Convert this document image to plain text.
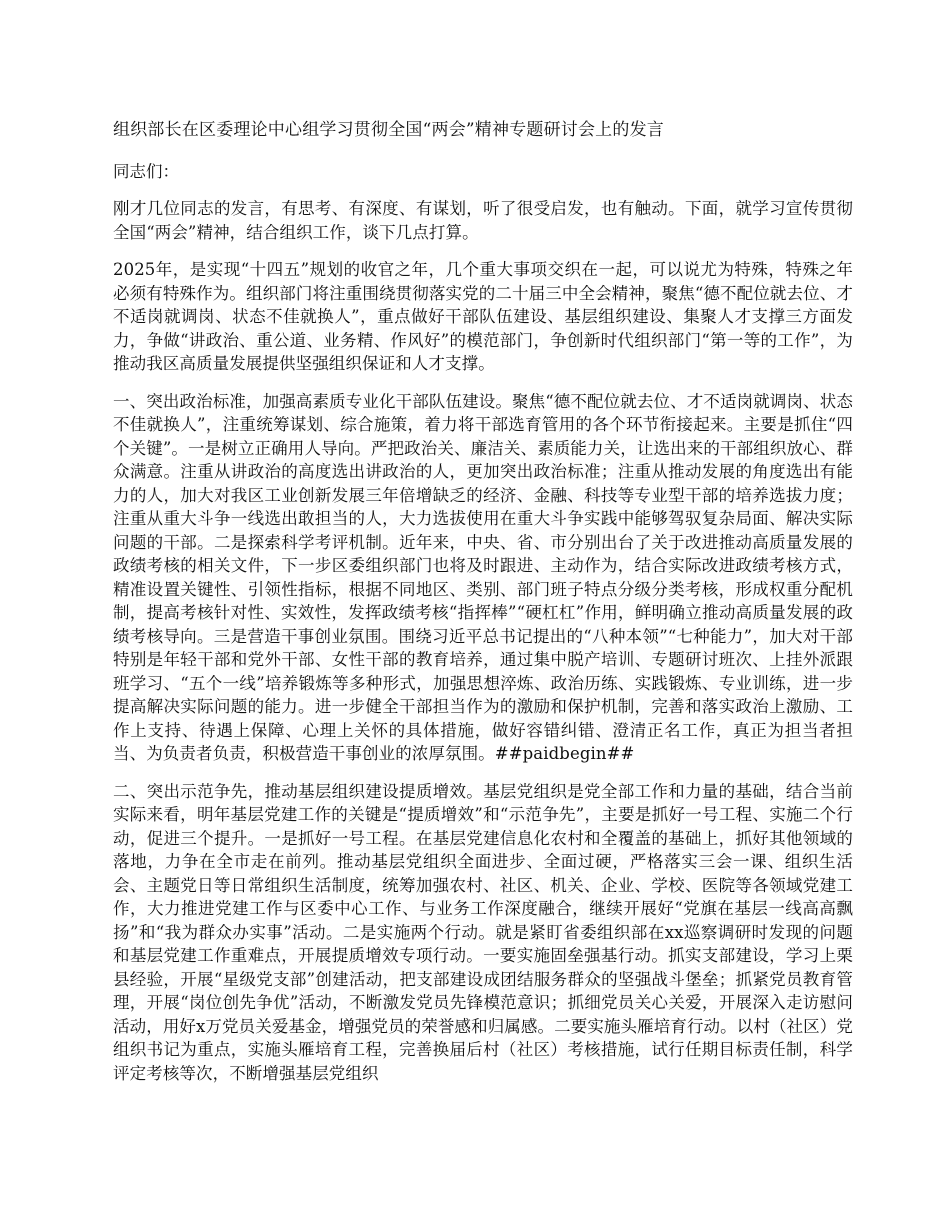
组织部长在区委理论中心组学习贯彻全国“两会”精神专题研讨会上的发言
同志们：

刚才几位同志的发言，有思考、有深度、有谋划，听了很受启发，也有触动。下面，就学习宣传贯彻全国“两会”精神，结合组织工作，谈下几点打算。

2025年，是实现“十四五”规划的收官之年，几个重大事项交织在一起，可以说尤为特殊，特殊之年必须有特殊作为。组织部门将注重围绕贯彻落实党的二十届三中全会精神，聚焦“德不配位就去位、才不适岗就调岗、状态不佳就换人”，重点做好干部队伍建设、基层组织建设、集聚人才支撑三方面发力，争做“讲政治、重公道、业务精、作风好”的模范部门，争创新时代组织部门“第一等的工作”，为推动我区高质量发展提供坚强组织保证和人才支撑。

一、突出政治标准，加强高素质专业化干部队伍建设。聚焦“德不配位就去位、才不适岗就调岗、状态不佳就换人”，注重统筹谋划、综合施策，着力将干部选育管用的各个环节衔接起来。主要是抓住“四个关键”。一是树立正确用人导向。严把政治关、廉洁关、素质能力关，让选出来的干部组织放心、群众满意。注重从讲政治的高度选出讲政治的人，更加突出政治标准；注重从推动发展的角度选出有能力的人，加大对我区工业创新发展三年倍增缺乏的经济、金融、科技等专业型干部的培养选拔力度；注重从重大斗争一线选出敢担当的人，大力选拔使用在重大斗争实践中能够驾驭复杂局面、解决实际问题的干部。二是探索科学考评机制。近年来，中央、省、市分别出台了关于改进推动高质量发展的政绩考核的相关文件，下一步区委组织部门也将及时跟进、主动作为，结合实际改进政绩考核方式，精准设置关键性、引领性指标，根据不同地区、类别、部门班子特点分级分类考核，形成权重分配机制，提高考核针对性、实效性，发挥政绩考核“指挥棒”“硬杠杠”作用，鲜明确立推动高质量发展的政绩考核导向。三是营造干事创业氛围。围绕习近平总书记提出的“八种本领”“七种能力”，加大对干部特别是年轻干部和党外干部、女性干部的教育培养，通过集中脱产培训、专题研讨班次、上挂外派跟班学习、“五个一线”培养锻炼等多种形式，加强思想淬炼、政治历练、实践锻炼、专业训练，进一步提高解决实际问题的能力。进一步健全干部担当作为的激励和保护机制，完善和落实政治上激励、工作上支持、待遇上保障、心理上关怀的具体措施，做好容错纠错、澄清正名工作，真正为担当者担当、为负责者负责，积极营造干事创业的浓厚氛围。##paidbegin##

二、突出示范争先，推动基层组织建设提质增效。基层党组织是党全部工作和力量的基础，结合当前实际来看，明年基层党建工作的关键是“提质增效”和“示范争先”，主要是抓好一号工程、实施二个行动，促进三个提升。一是抓好一号工程。在基层党建信息化农村和全覆盖的基础上，抓好其他领域的落地，力争在全市走在前列。推动基层党组织全面进步、全面过硬，严格落实三会一课、组织生活会、主题党日等日常组织生活制度，统筹加强农村、社区、机关、企业、学校、医院等各领域党建工作，大力推进党建工作与区委中心工作、与业务工作深度融合，继续开展好“党旗在基层一线高高飘扬”和“我为群众办实事”活动。二是实施两个行动。就是紧盯省委组织部在xx巡察调研时发现的问题和基层党建工作重难点，开展提质增效专项行动。一要实施固垒强基行动。抓实支部建设，学习上栗县经验，开展“星级党支部”创建活动，把支部建设成团结服务群众的坚强战斗堡垒；抓紧党员教育管理，开展“岗位创先争优”活动，不断激发党员先锋模范意识；抓细党员关心关爱，开展深入走访慰问活动，用好x万党员关爱基金，增强党员的荣誉感和归属感。二要实施头雁培育行动。以村（社区）党组织书记为重点，实施头雁培育工程，完善换届后村（社区）考核措施，试行任期目标责任制，科学评定考核等次，不断增强基层党组织
